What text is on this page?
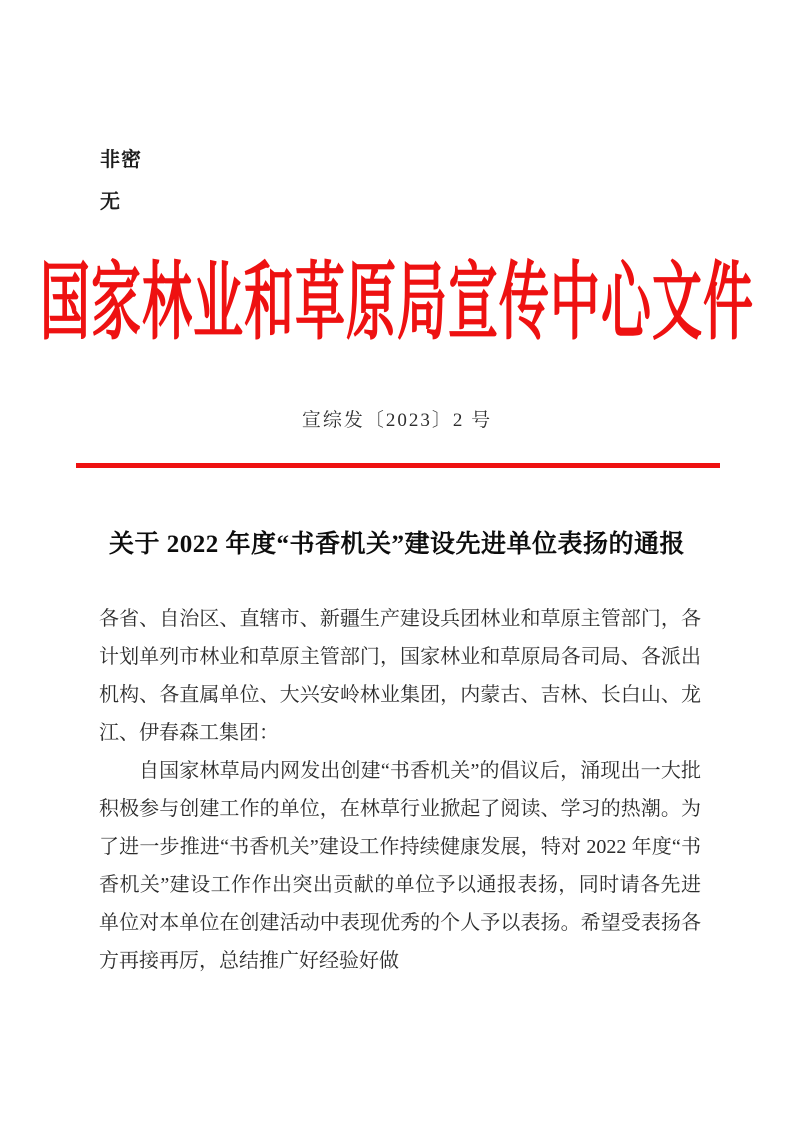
非密
无
国家林业和草原局宣传中心文件
宣综发〔2023〕2 号
关于 2022 年度“书香机关”建设先进单位表扬的通报

各省、自治区、直辖市、新疆生产建设兵团林业和草原主管部门，各计划单列市林业和草原主管部门，国家林业和草原局各司局、各派出机构、各直属单位、大兴安岭林业集团，内蒙古、吉林、长白山、龙江、伊春森工集团：

自国家林草局内网发出创建“书香机关”的倡议后，涌现出一大批积极参与创建工作的单位，在林草行业掀起了阅读、学习的热潮。为了进一步推进“书香机关”建设工作持续健康发展，特对 2022 年度“书香机关”建设工作作出突出贡献的单位予以通报表扬，同时请各先进单位对本单位在创建活动中表现优秀的个人予以表扬。希望受表扬各方再接再厉，总结推广好经验好做
